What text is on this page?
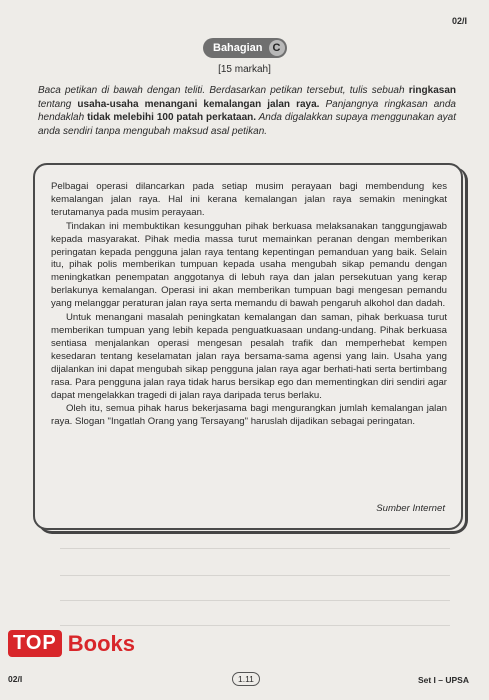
02/I
Bahagian C
[15 markah]
Baca petikan di bawah dengan teliti. Berdasarkan petikan tersebut, tulis sebuah ringkasan tentang usaha-usaha menangani kemalangan jalan raya. Panjangnya ringkasan anda hendaklah tidak melebihi 100 patah perkataan. Anda digalakkan supaya menggunakan ayat anda sendiri tanpa mengubah maksud asal petikan.

Pelbagai operasi dilancarkan pada setiap musim perayaan bagi membendung kes kemalangan jalan raya. Hal ini kerana kemalangan jalan raya semakin meningkat terutamanya pada musim perayaan.

Tindakan ini membuktikan kesungguhan pihak berkuasa melaksanakan tanggungjawab kepada masyarakat. Pihak media massa turut memainkan peranan dengan memberikan peringatan kepada pengguna jalan raya tentang kepentingan pemanduan yang baik. Selain itu, pihak polis memberikan tumpuan kepada usaha mengubah sikap pemandu dengan meningkatkan penempatan anggotanya di lebuh raya dan jalan persekutuan yang kerap berlakunya kemalangan. Operasi ini akan memberikan tumpuan bagi mengesan pemandu yang melanggar peraturan jalan raya serta memandu di bawah pengaruh alkohol dan dadah.

Untuk menangani masalah peningkatan kemalangan dan saman, pihak berkuasa turut memberikan tumpuan yang lebih kepada penguatkuasaan undang-undang. Pihak berkuasa sentiasa menjalankan operasi mengesan pesalah trafik dan memperhebat kempen kesedaran tentang keselamatan jalan raya bersama-sama agensi yang lain. Usaha yang dijalankan ini dapat mengubah sikap pengguna jalan raya agar berhati-hati serta bertimbang rasa. Para pengguna jalan raya tidak harus bersikap ego dan mementingkan diri sendiri agar dapat mengelakkan tragedi di jalan raya daripada terus berlaku.

Oleh itu, semua pihak harus bekerjasama bagi mengurangkan jumlah kemalangan jalan raya. Slogan "Ingatlah Orang yang Tersayang" haruslah dijadikan sebagai peringatan.

Sumber Internet
TOP Books
02/I	1.11	Set I – UPSA
